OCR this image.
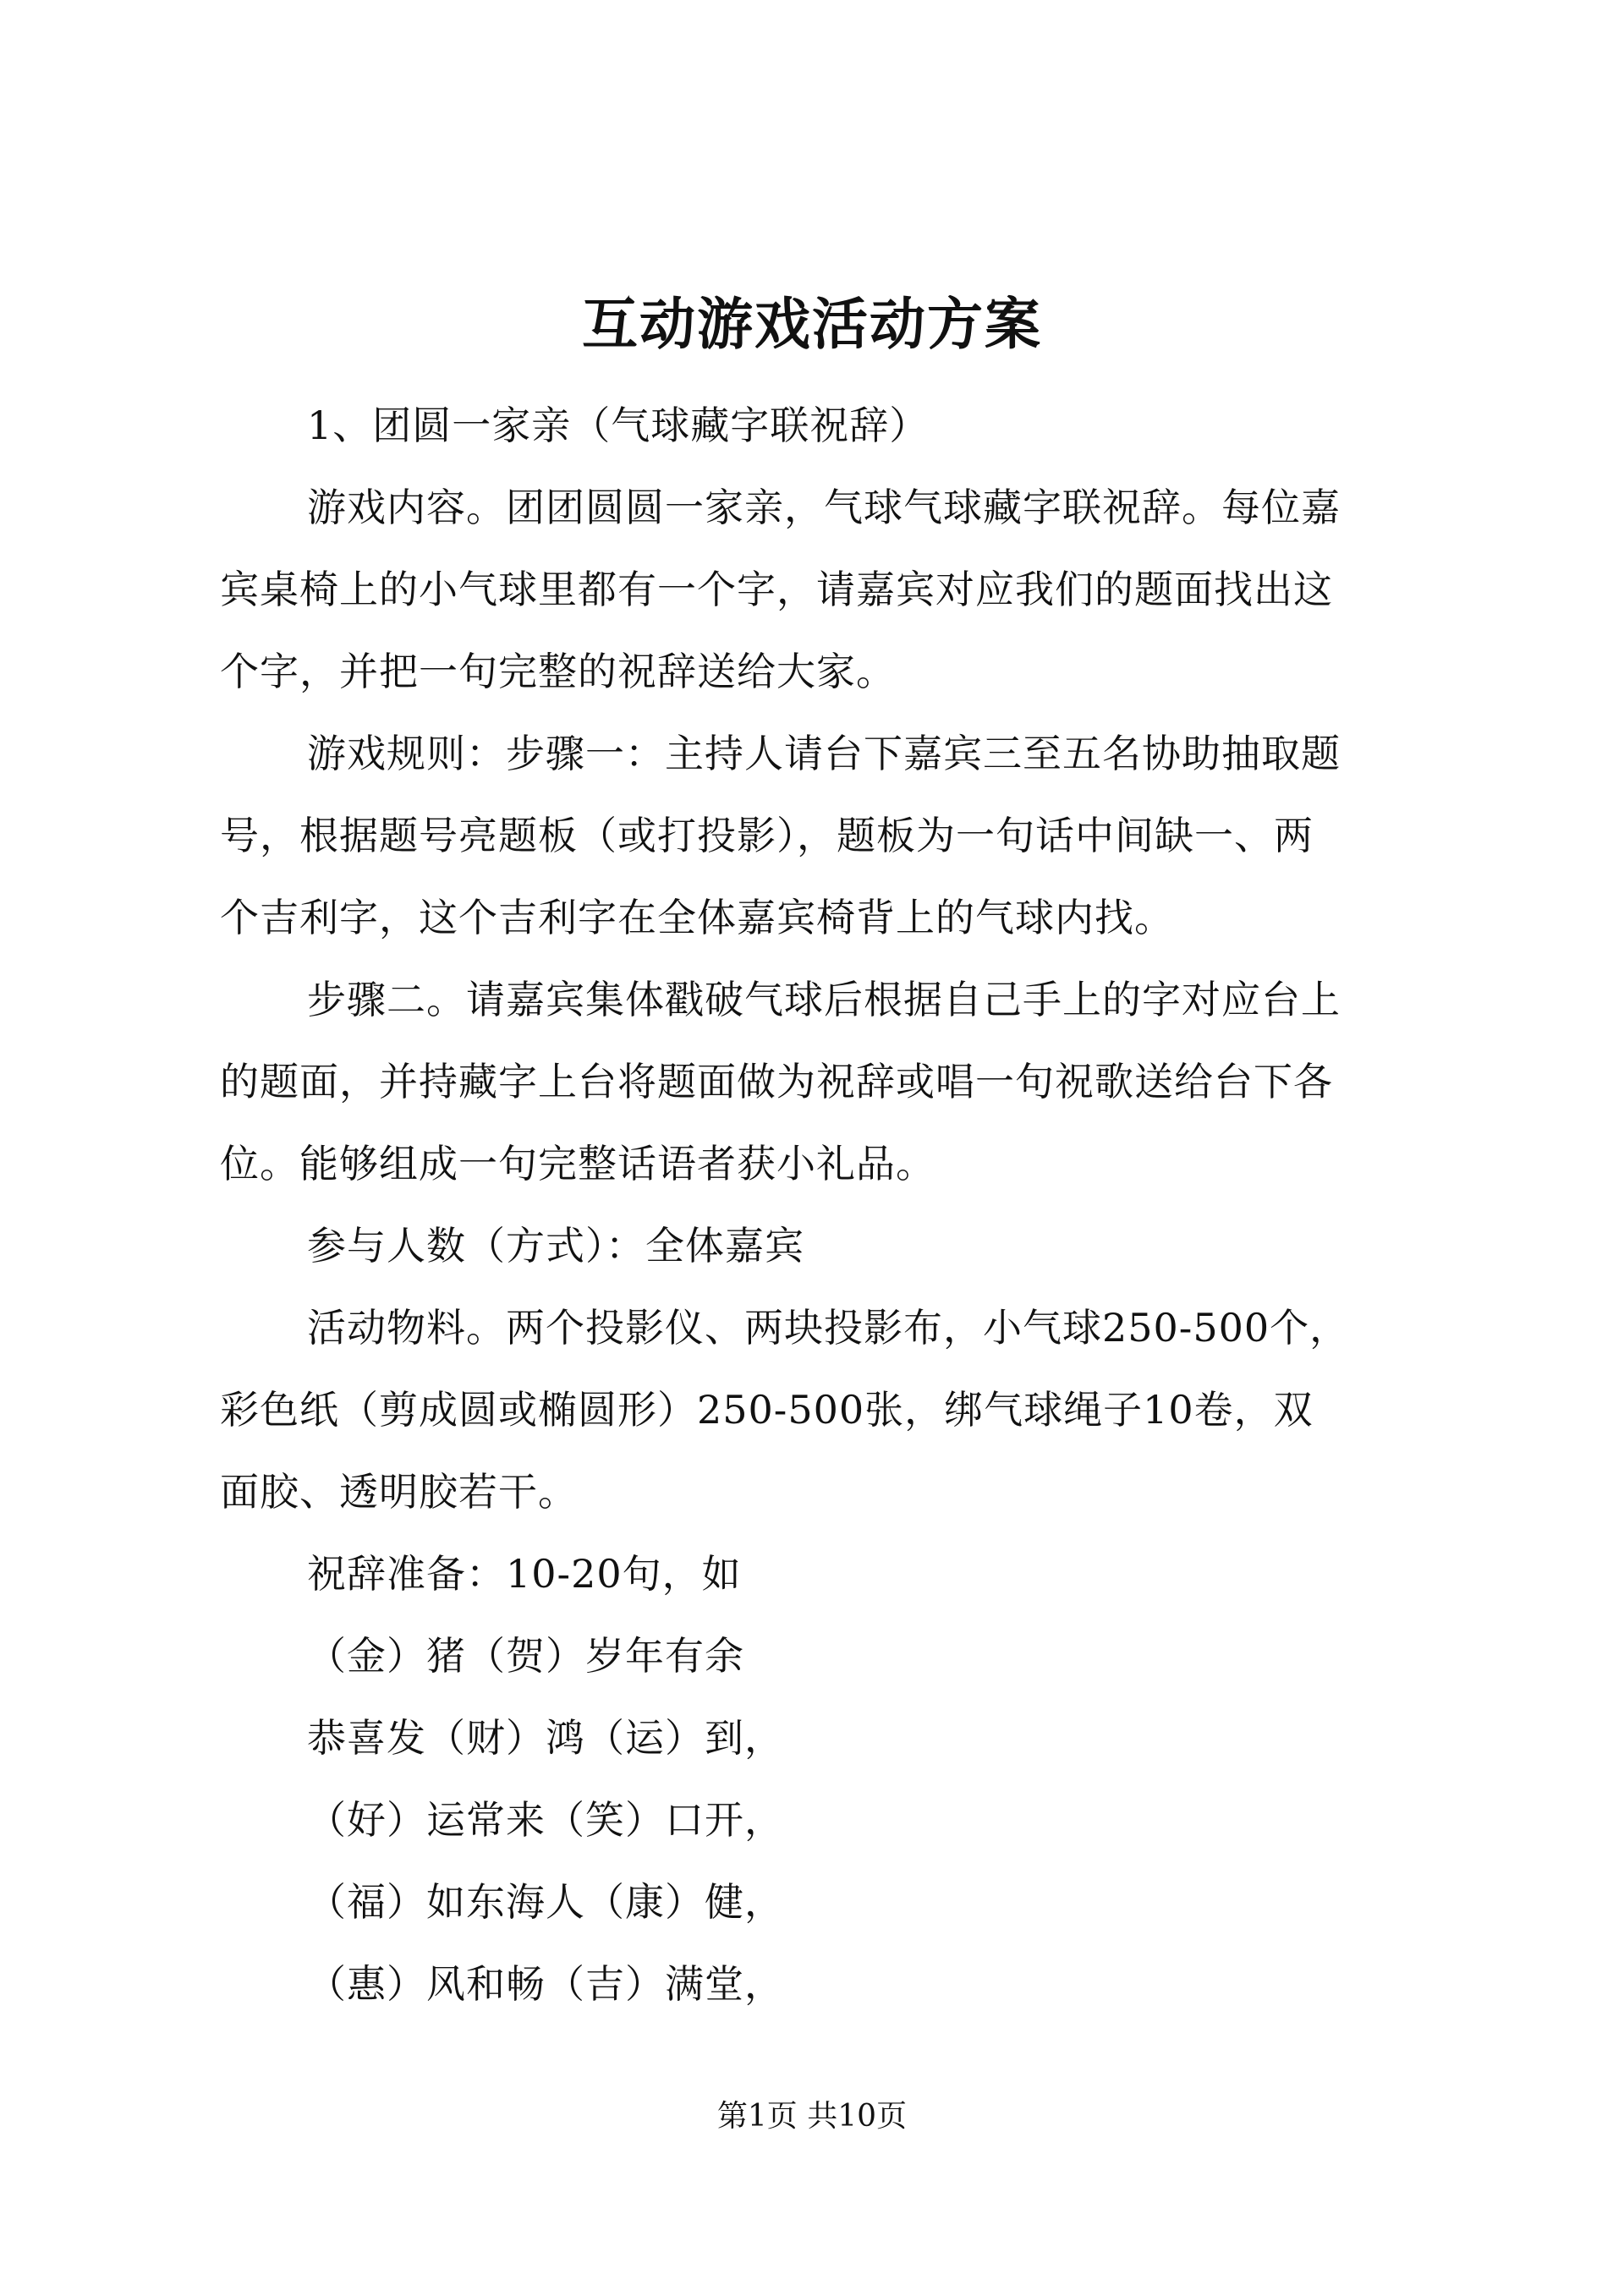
互动游戏活动方案

1、团圆一家亲（气球藏字联祝辞）

游戏内容。团团圆圆一家亲，气球气球藏字联祝辞。每位嘉

宾桌椅上的小气球里都有一个字，请嘉宾对应我们的题面找出这

个字，并把一句完整的祝辞送给大家。

游戏规则：步骤一：主持人请台下嘉宾三至五名协助抽取题

号，根据题号亮题板（或打投影），题板为一句话中间缺一、两

个吉利字，这个吉利字在全体嘉宾椅背上的气球内找。

步骤二。请嘉宾集体戳破气球后根据自己手上的字对应台上

的题面，并持藏字上台将题面做为祝辞或唱一句祝歌送给台下各

位。能够组成一句完整话语者获小礼品。

参与人数（方式）：全体嘉宾

活动物料。两个投影仪、两块投影布，小气球250-500个，

彩色纸（剪成圆或椭圆形）250-500张，绑气球绳子10卷，双

面胶、透明胶若干。

祝辞准备：10-20句，如

（金）猪（贺）岁年有余

恭喜发（财）鸿（运）到，

（好）运常来（笑）口开，

（福）如东海人（康）健，

（惠）风和畅（吉）满堂，

第1页 共10页
